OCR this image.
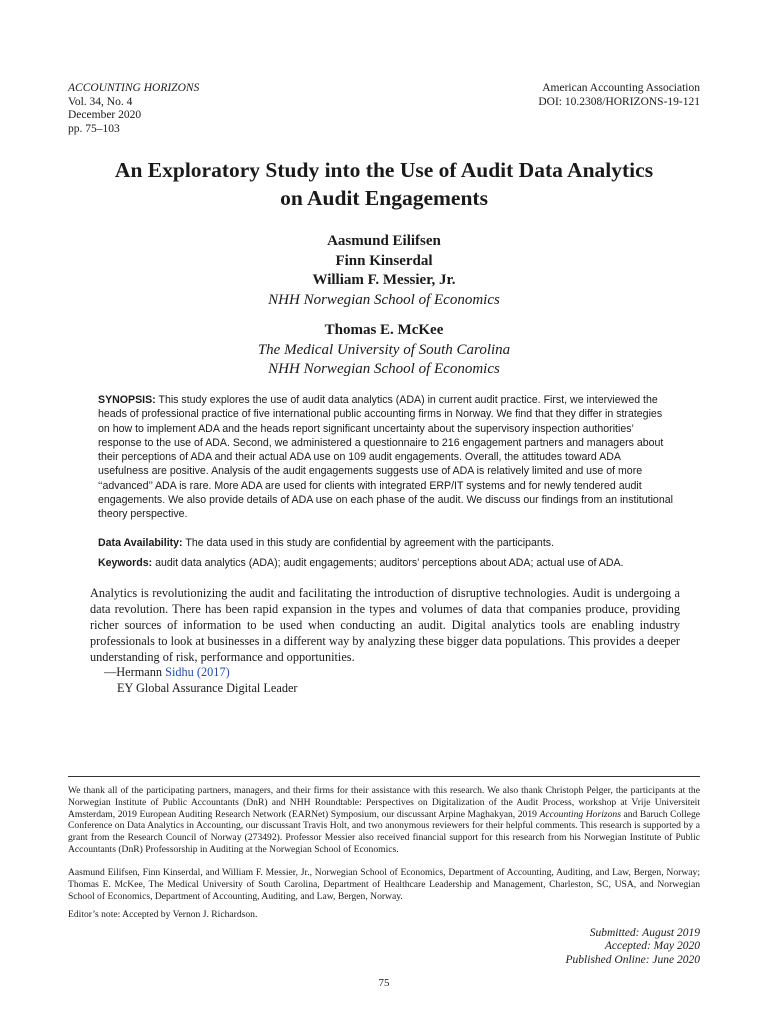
ACCOUNTING HORIZONS
Vol. 34, No. 4
December 2020
pp. 75–103
American Accounting Association
DOI: 10.2308/HORIZONS-19-121
An Exploratory Study into the Use of Audit Data Analytics
on Audit Engagements
Aasmund Eilifsen
Finn Kinserdal
William F. Messier, Jr.
NHH Norwegian School of Economics
Thomas E. McKee
The Medical University of South Carolina
NHH Norwegian School of Economics
SYNOPSIS: This study explores the use of audit data analytics (ADA) in current audit practice. First, we interviewed the heads of professional practice of five international public accounting firms in Norway. We find that they differ in strategies on how to implement ADA and the heads report significant uncertainty about the supervisory inspection authorities’ response to the use of ADA. Second, we administered a questionnaire to 216 engagement partners and managers about their perceptions of ADA and their actual ADA use on 109 audit engagements. Overall, the attitudes toward ADA usefulness are positive. Analysis of the audit engagements suggests use of ADA is relatively limited and use of more ‘‘advanced’’ ADA is rare. More ADA are used for clients with integrated ERP/IT systems and for newly tendered audit engagements. We also provide details of ADA use on each phase of the audit. We discuss our findings from an institutional theory perspective.
Data Availability: The data used in this study are confidential by agreement with the participants.
Keywords: audit data analytics (ADA); audit engagements; auditors’ perceptions about ADA; actual use of ADA.
Analytics is revolutionizing the audit and facilitating the introduction of disruptive technologies. Audit is undergoing a data revolution. There has been rapid expansion in the types and volumes of data that companies produce, providing richer sources of information to be used when conducting an audit. Digital analytics tools are enabling industry professionals to look at businesses in a different way by analyzing these bigger data populations. This provides a deeper understanding of risk, performance and opportunities.
—Hermann Sidhu (2017)
EY Global Assurance Digital Leader
We thank all of the participating partners, managers, and their firms for their assistance with this research. We also thank Christoph Pelger, the participants at the Norwegian Institute of Public Accountants (DnR) and NHH Roundtable: Perspectives on Digitalization of the Audit Process, workshop at Vrije Universiteit Amsterdam, 2019 European Auditing Research Network (EARNet) Symposium, our discussant Arpine Maghakyan, 2019 Accounting Horizons and Baruch College Conference on Data Analytics in Accounting, our discussant Travis Holt, and two anonymous reviewers for their helpful comments. This research is supported by a grant from the Research Council of Norway (273492). Professor Messier also received financial support for this research from his Norwegian Institute of Public Accountants (DnR) Professorship in Auditing at the Norwegian School of Economics.
Aasmund Eilifsen, Finn Kinserdal, and William F. Messier, Jr., Norwegian School of Economics, Department of Accounting, Auditing, and Law, Bergen, Norway; Thomas E. McKee, The Medical University of South Carolina, Department of Healthcare Leadership and Management, Charleston, SC, USA, and Norwegian School of Economics, Department of Accounting, Auditing, and Law, Bergen, Norway.
Editor’s note: Accepted by Vernon J. Richardson.
Submitted: August 2019
Accepted: May 2020
Published Online: June 2020
75
